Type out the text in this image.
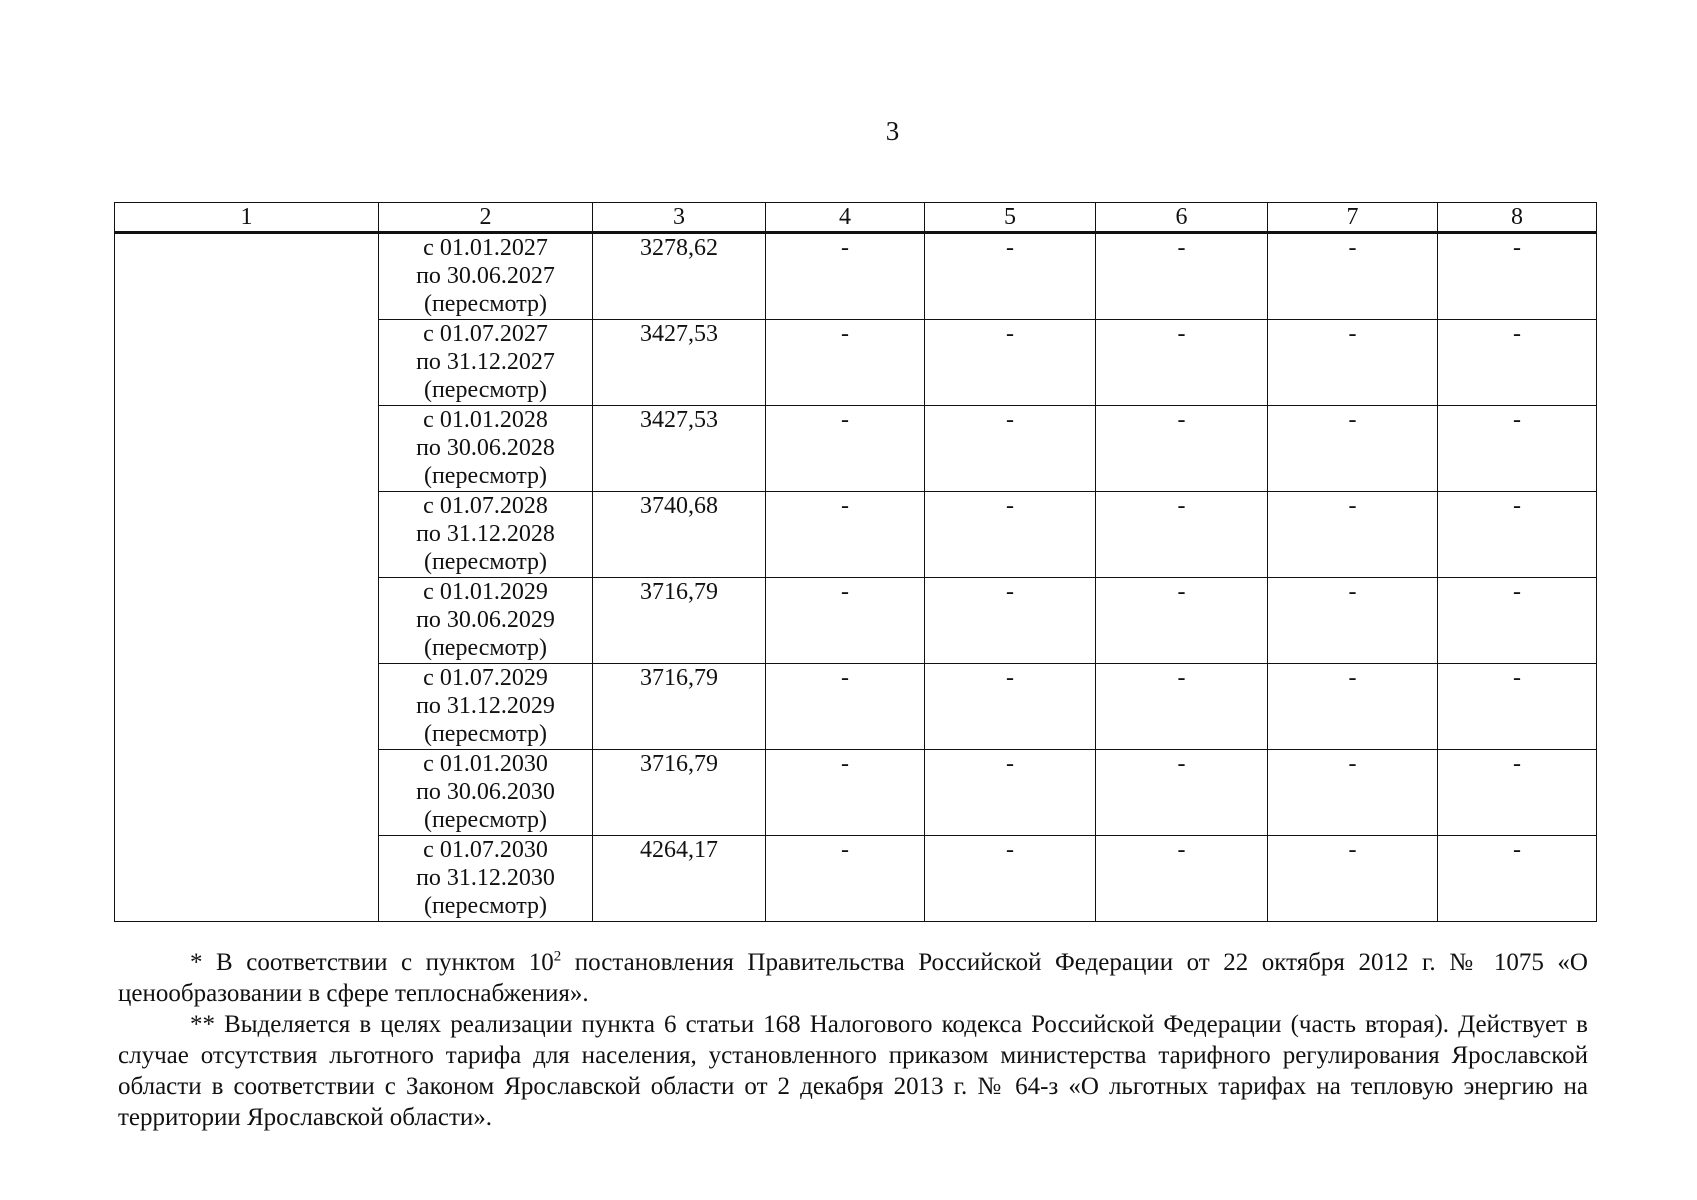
3
1	2	3	4	5	6	7	8

	с 01.01.2027
по 30.06.2027
(пересмотр)	3278,62	-	-	-	-	-

	с 01.07.2027
по 31.12.2027
(пересмотр)	3427,53	-	-	-	-	-

	с 01.01.2028
по 30.06.2028
(пересмотр)	3427,53	-	-	-	-	-

	с 01.07.2028
по 31.12.2028
(пересмотр)	3740,68	-	-	-	-	-

	с 01.01.2029
по 30.06.2029
(пересмотр)	3716,79	-	-	-	-	-

	с 01.07.2029
по 31.12.2029
(пересмотр)	3716,79	-	-	-	-	-

	с 01.01.2030
по 30.06.2030
(пересмотр)	3716,79	-	-	-	-	-

	с 01.07.2030
по 31.12.2030
(пересмотр)	4264,17	-	-	-	-	-

* В соответствии с пунктом $10^2$ постановления Правительства Российской Федерации от 22 октября 2012 г. № 1075 «О ценообразовании в сфере теплоснабжения».

** Выделяется в целях реализации пункта 6 статьи 168 Налогового кодекса Российской Федерации (часть вторая). Действует в случае отсутствия льготного тарифа для населения, установленного приказом министерства тарифного регулирования Ярославской области в соответствии с Законом Ярославской области от 2 декабря 2013 г. № 64-з «О льготных тарифах на тепловую энергию на территории Ярославской области».
